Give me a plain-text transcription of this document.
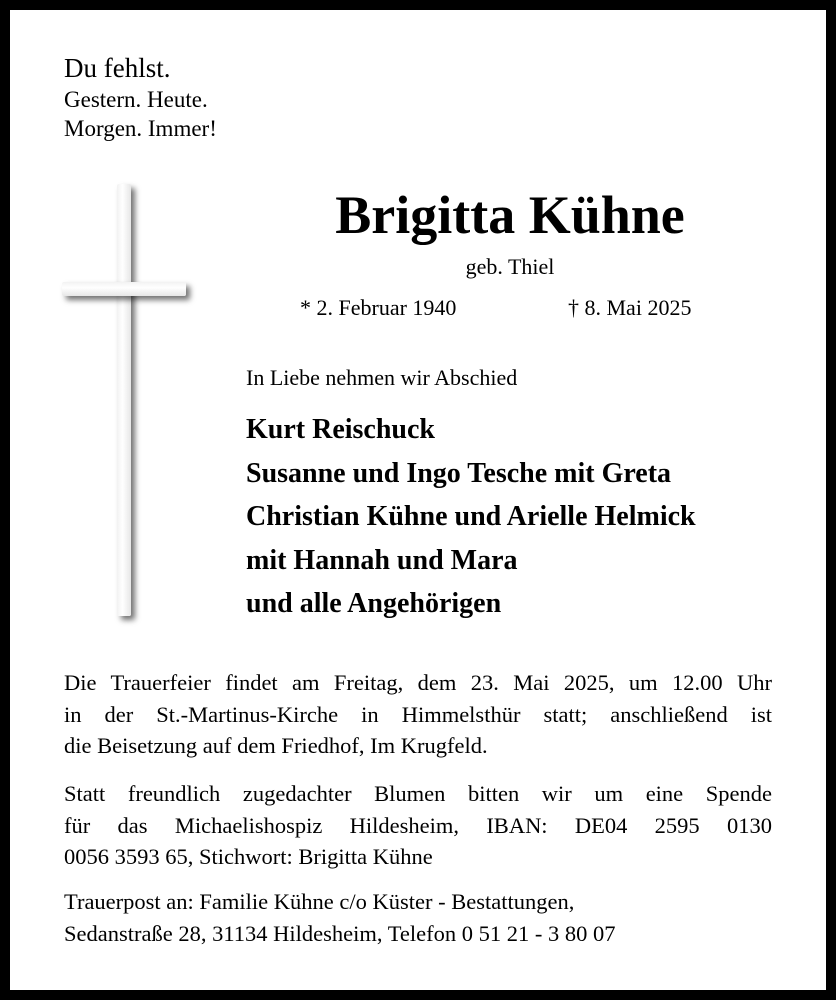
Du fehlst.
Gestern. Heute.
Morgen. Immer!
Brigitta Kühne
geb. Thiel
* 2. Februar 1940	† 8. Mai 2025
In Liebe nehmen wir Abschied
Kurt Reischuck
Susanne und Ingo Tesche mit Greta
Christian Kühne und Arielle Helmick
mit Hannah und Mara
und alle Angehörigen
Die Trauerfeier findet am Freitag, dem 23. Mai 2025, um 12.00 Uhr
in der St.-Martinus-Kirche in Himmelsthür statt; anschließend ist
die Beisetzung auf dem Friedhof, Im Krugfeld.
Statt freundlich zugedachter Blumen bitten wir um eine Spende
für das Michaelishospiz Hildesheim, IBAN: DE04 2595 0130
0056 3593 65, Stichwort: Brigitta Kühne
Trauerpost an: Familie Kühne c/o Küster - Bestattungen,
Sedanstraße 28, 31134 Hildesheim, Telefon 0 51 21 - 3 80 07
